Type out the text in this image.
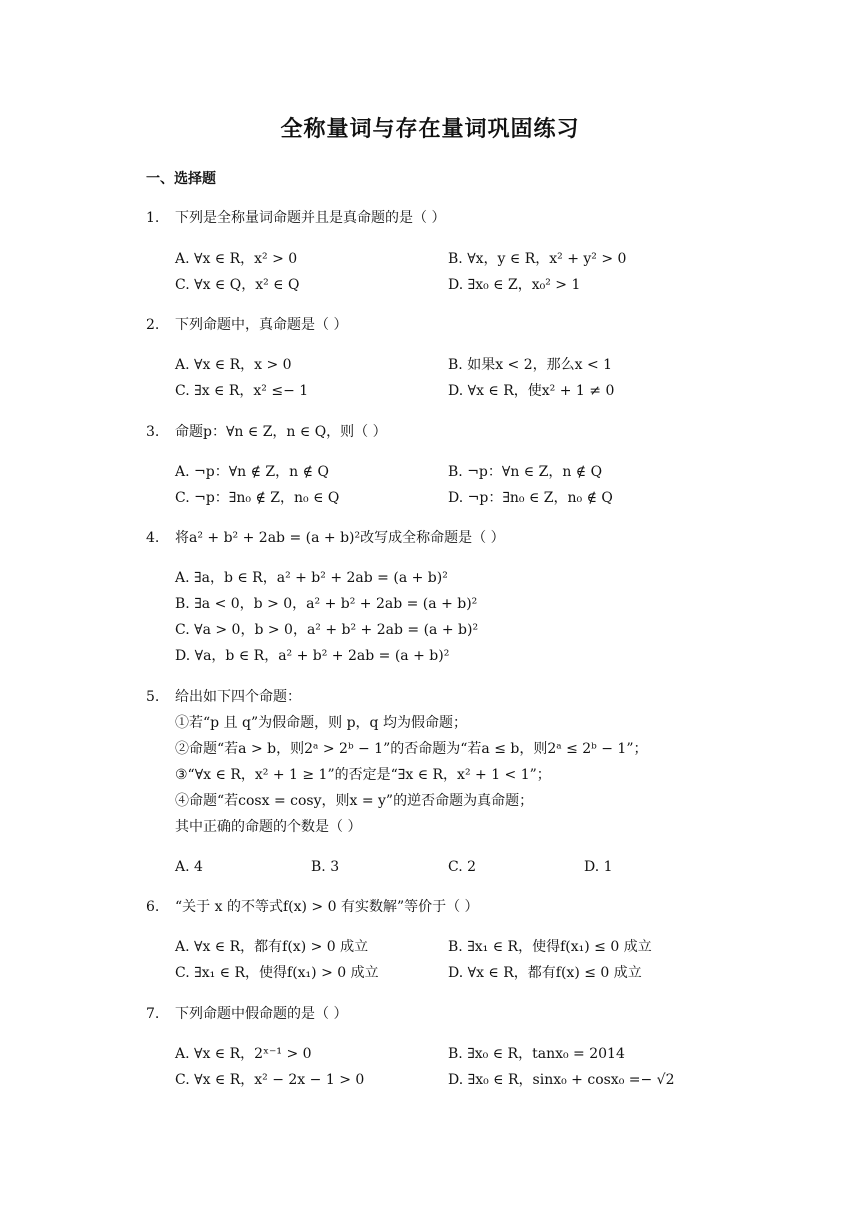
全称量词与存在量词巩固练习
一、选择题
1.	下列是全称量词命题并且是真命题的是（ ）
A. ∀x ∈ R，x² > 0	B. ∀x，y ∈ R，x² + y² > 0
C. ∀x ∈ Q，x² ∈ Q	D. ∃x₀ ∈ Z，x₀² > 1
2.	下列命题中，真命题是（ ）
A. ∀x ∈ R，x > 0	B. 如果x < 2，那么x < 1
C. ∃x ∈ R，x² ≤− 1	D. ∀x ∈ R，使x² + 1 ≠ 0
3.	命题p：∀n ∈ Z，n ∈ Q，则（ ）
A. ¬p：∀n ∉ Z，n ∉ Q	B. ¬p：∀n ∈ Z，n ∉ Q
C. ¬p：∃n₀ ∉ Z，n₀ ∈ Q	D. ¬p：∃n₀ ∈ Z，n₀ ∉ Q
4.	将a² + b² + 2ab = (a + b)²改写成全称命题是（ ）
A. ∃a，b ∈ R，a² + b² + 2ab = (a + b)²
B. ∃a < 0，b > 0，a² + b² + 2ab = (a + b)²
C. ∀a > 0，b > 0，a² + b² + 2ab = (a + b)²
D. ∀a，b ∈ R，a² + b² + 2ab = (a + b)²
5.	给出如下四个命题：
①若“p 且 q”为假命题，则 p，q 均为假命题；
②命题“若a > b，则2ᵃ > 2ᵇ − 1”的否命题为“若a ≤ b，则2ᵃ ≤ 2ᵇ − 1”；
③“∀x ∈ R，x² + 1 ≥ 1”的否定是“∃x ∈ R，x² + 1 < 1”；
④命题“若cosx = cosy，则x = y”的逆否命题为真命题；
其中正确的命题的个数是（ ）
A. 4	B. 3	C. 2	D. 1
6.	“关于 x 的不等式f(x) > 0 有实数解”等价于（ ）
A. ∀x ∈ R，都有f(x) > 0 成立	B. ∃x₁ ∈ R，使得f(x₁) ≤ 0 成立
C. ∃x₁ ∈ R，使得f(x₁) > 0 成立	D. ∀x ∈ R，都有f(x) ≤ 0 成立
7.	下列命题中假命题的是（ ）
A. ∀x ∈ R，2ˣ⁻¹ > 0	B. ∃x₀ ∈ R，tanx₀ = 2014
C. ∀x ∈ R，x² − 2x − 1 > 0	D. ∃x₀ ∈ R，sinx₀ + cosx₀ =− √2
